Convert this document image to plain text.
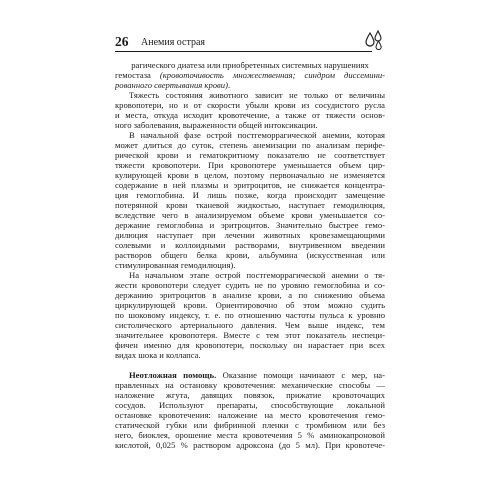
26 Анемия острая
рагического диатеза или приобретенных системных нарушениях
гемостаза (кровоточивость множественная; синдром диссемини-
рованного свертывания крови).
Тяжесть состояния животного зависит не только от величины
кровопотери, но и от скорости убыли крови из сосудистого русла
и места, откуда исходит кровотечение, а также от тяжести основ-
ного заболевания, выраженности общей интоксикации.
В начальной фазе острой постгеморрагической анемии, которая
может длиться до суток, степень анемизации по анализам перифе-
рической крови и гематокритному показателю не соответствует
тяжести кровопотери. При кровопотере уменьшается объем цир-
кулирующей крови в целом, поэтому первоначально не изменяется
содержание в ней плазмы и эритроцитов, не снижается концентра-
ция гемоглобина. И лишь позже, когда происходит замещение
потерянной крови тканевой жидкостью, наступает гемодилюция,
вследствие чего в анализируемом объеме крови уменьшается со-
держание гемоглобина и эритроцитов. Значительно быстрее гемо-
дилюция наступает при лечении животных кровезамещающими
солевыми и коллоидными растворами, внутривенном введении
растворов общего белка крови, альбумина (искусственная или
стимулированная гемодилюция).
На начальном этапе острой постгеморрагической анемии о тя-
жести кровопотери следует судить не по уровню гемоглобина и со-
держанию эритроцитов в анализе крови, а по снижению объема
циркулирующей крови. Ориентировочно об этом можно судить
по шоковому индексу, т. е. по отношению частоты пульса к уровню
систолического артериального давления. Чем выше индекс, тем
значительнее кровопотеря. Вместе с тем этот показатель неспеци-
фичен именно для кровопотери, поскольку он нарастает при всех
видах шока и коллапса.
Неотложная помощь. Оказание помощи начинают с мер, на-
правленных на остановку кровотечения: механические способы —
наложение жгута, давящих повязок, прижатие кровоточащих
сосудов. Используют препараты, способствующие локальной
остановке кровотечения: наложение на место кровотечения гемо-
статической губки или фибринной пленки с тромбином или без
него, биоклея, орошение места кровотечения 5 % аминокапроновой
кислотой, 0,025 % раствором адроксона (до 5 мл). При кровотече-
